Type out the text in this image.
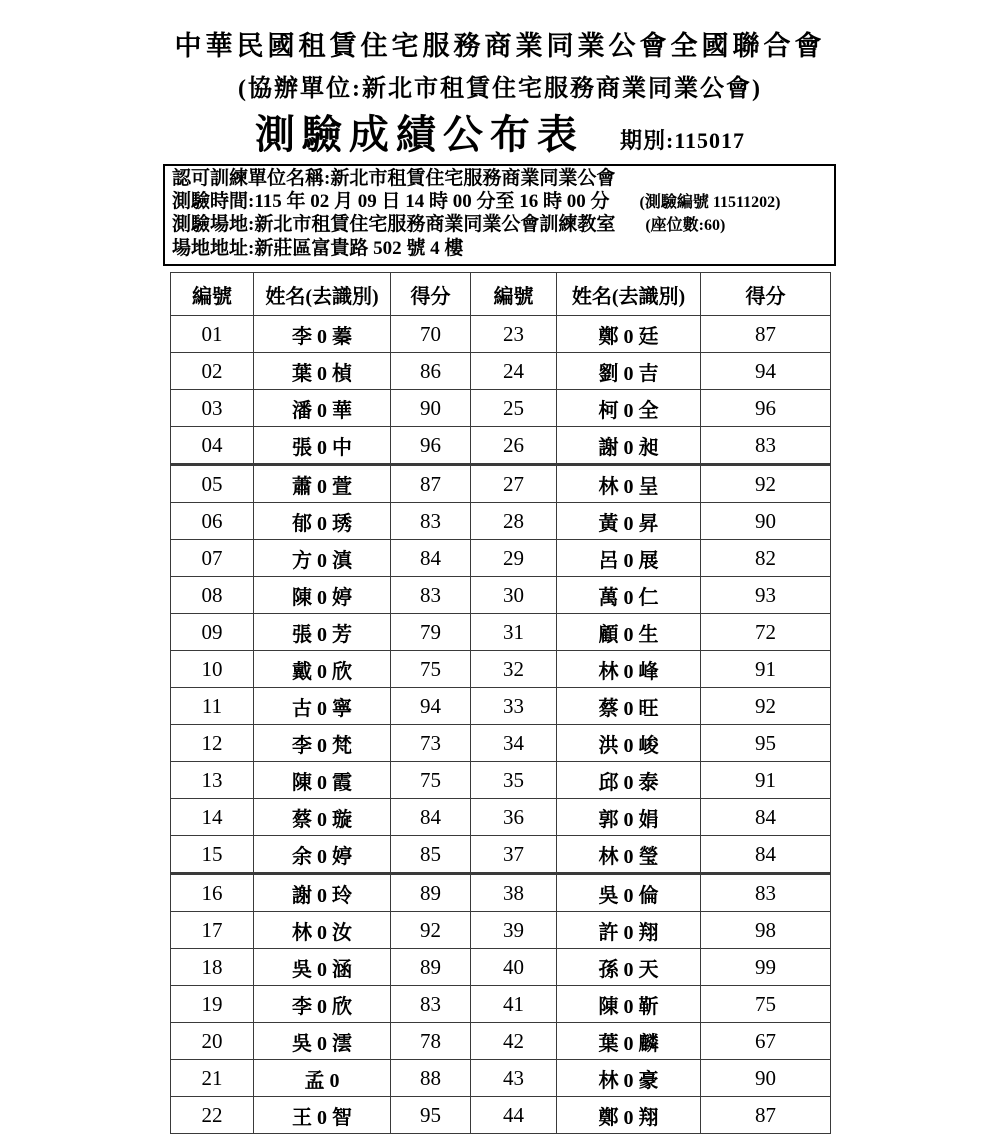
中華民國租賃住宅服務商業同業公會全國聯合會
(協辦單位:新北市租賃住宅服務商業同業公會)
測驗成績公布表 期別:115017
認可訓練單位名稱:新北市租賃住宅服務商業同業公會
測驗時間:115 年 02 月 09 日 14 時 00 分至 16 時 00 分 (測驗編號 11511202)
測驗場地:新北市租賃住宅服務商業同業公會訓練教室 (座位數:60)
場地地址:新莊區富貴路 502 號 4 樓
編號	姓名(去識別)	得分	編號	姓名(去識別)	得分
01	李 0 蓁	70	23	鄭 0 廷	87
02	葉 0 楨	86	24	劉 0 吉	94
03	潘 0 華	90	25	柯 0 全	96
04	張 0 中	96	26	謝 0 昶	83
05	蕭 0 萱	87	27	林 0 呈	92
06	郁 0 琇	83	28	黃 0 昇	90
07	方 0 滇	84	29	呂 0 展	82
08	陳 0 婷	83	30	萬 0 仁	93
09	張 0 芳	79	31	顧 0 生	72
10	戴 0 欣	75	32	林 0 峰	91
11	古 0 寧	94	33	蔡 0 旺	92
12	李 0 梵	73	34	洪 0 峻	95
13	陳 0 霞	75	35	邱 0 泰	91
14	蔡 0 璇	84	36	郭 0 娟	84
15	余 0 婷	85	37	林 0 瑩	84
16	謝 0 玲	89	38	吳 0 倫	83
17	林 0 汝	92	39	許 0 翔	98
18	吳 0 涵	89	40	孫 0 天	99
19	李 0 欣	83	41	陳 0 靳	75
20	吳 0 澐	78	42	葉 0 麟	67
21	孟 0	88	43	林 0 豪	90
22	王 0 智	95	44	鄭 0 翔	87
